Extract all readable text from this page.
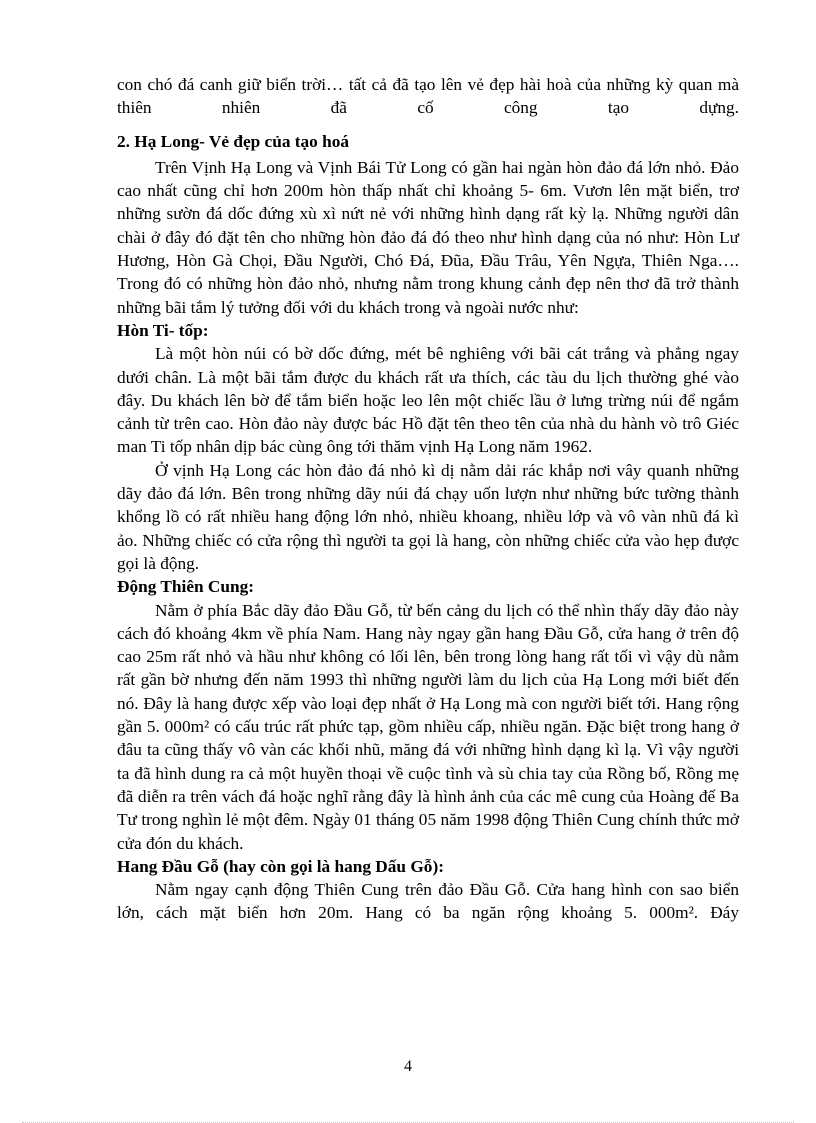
con chó đá canh giữ biển trời… tất cả đã tạo lên vẻ đẹp hài hoà của những kỳ quan mà thiên nhiên đã cố công tạo dựng.

2. Hạ Long- Vẻ đẹp của tạo hoá

Trên Vịnh Hạ Long và Vịnh Bái Tử Long có gần hai ngàn hòn đảo đá lớn nhỏ. Đảo cao nhất cũng chỉ hơn 200m hòn thấp nhất chỉ khoảng 5- 6m. Vươn lên mặt biển, trơ những sườn đá dốc đứng xù xì nứt nẻ với những hình dạng rất kỳ lạ. Những người dân chài ở đây đó đặt tên cho những hòn đảo đá đó theo như hình dạng của nó như: Hòn Lư Hương, Hòn Gà Chọi, Đầu Người, Chó Đá, Đũa, Đầu Trâu, Yên Ngựa, Thiên Nga…. Trong đó có những hòn đảo nhỏ, nhưng nằm trong khung cảnh đẹp nên thơ đã trở thành những bãi tắm lý tưởng đối với du khách trong và ngoài nước như:

Hòn Ti- tốp:

Là một hòn núi có bờ dốc đứng, mét bê nghiêng với bãi cát trắng và phẳng ngay dưới chân. Là một bãi tắm được du khách rất ưa thích, các tàu du lịch thường ghé vào đây. Du khách lên bờ để tắm biển hoặc leo lên một chiếc lầu ở lưng trừng núi để ngắm cảnh từ trên cao. Hòn đảo này được bác Hồ đặt tên theo tên của nhà du hành vò trô Giéc man Ti tốp nhân dịp bác cùng ông tới thăm vịnh Hạ Long năm 1962.

Ở vịnh Hạ Long các hòn đảo đá nhỏ kì dị nằm dải rác khắp nơi vây quanh những dãy đảo đá lớn. Bên trong những dãy núi đá chạy uốn lượn như những bức tường thành khổng lồ có rất nhiều hang động lớn nhỏ, nhiều khoang, nhiều lớp và vô vàn nhũ đá kì ảo. Những chiếc có cửa rộng thì người ta gọi là hang, còn những chiếc cửa vào hẹp được gọi là động.

Động Thiên Cung:

Nằm ở phía Bắc dãy đảo Đầu Gỗ, từ bến cảng du lịch có thể nhìn thấy dãy đảo này cách đó khoảng 4km về phía Nam. Hang này ngay gần hang Đầu Gỗ, cửa hang ở trên độ cao 25m rất nhỏ và hầu như không có lối lên, bên trong lòng hang rất tối vì vậy dù nằm rất gần bờ nhưng đến năm 1993 thì những người làm du lịch của Hạ Long mới biết đến nó. Đây là hang được xếp vào loại đẹp nhất ở Hạ Long mà con người biết tới. Hang rộng gần 5. 000m² có cấu trúc rất phức tạp, gồm nhiều cấp, nhiều ngăn. Đặc biệt trong hang ở đâu ta cũng thấy vô vàn các khối nhũ, măng đá với những hình dạng kì lạ. Vì vậy người ta đã hình dung ra cả một huyền thoại về cuộc tình và sù chia tay của Rồng bố, Rồng mẹ đã diễn ra trên vách đá hoặc nghĩ rằng đây là hình ảnh của các mê cung của Hoàng đế Ba Tư trong nghìn lẻ một đêm. Ngày 01 tháng 05 năm 1998 động Thiên Cung chính thức mở cửa đón du khách.

Hang Đầu Gỗ (hay còn gọi là hang Dấu Gỗ):

Nằm ngay cạnh động Thiên Cung trên đảo Đầu Gỗ. Cửa hang hình con sao biển lớn, cách mặt biển hơn 20m. Hang có ba ngăn rộng khoảng 5. 000m². Đáy

4
